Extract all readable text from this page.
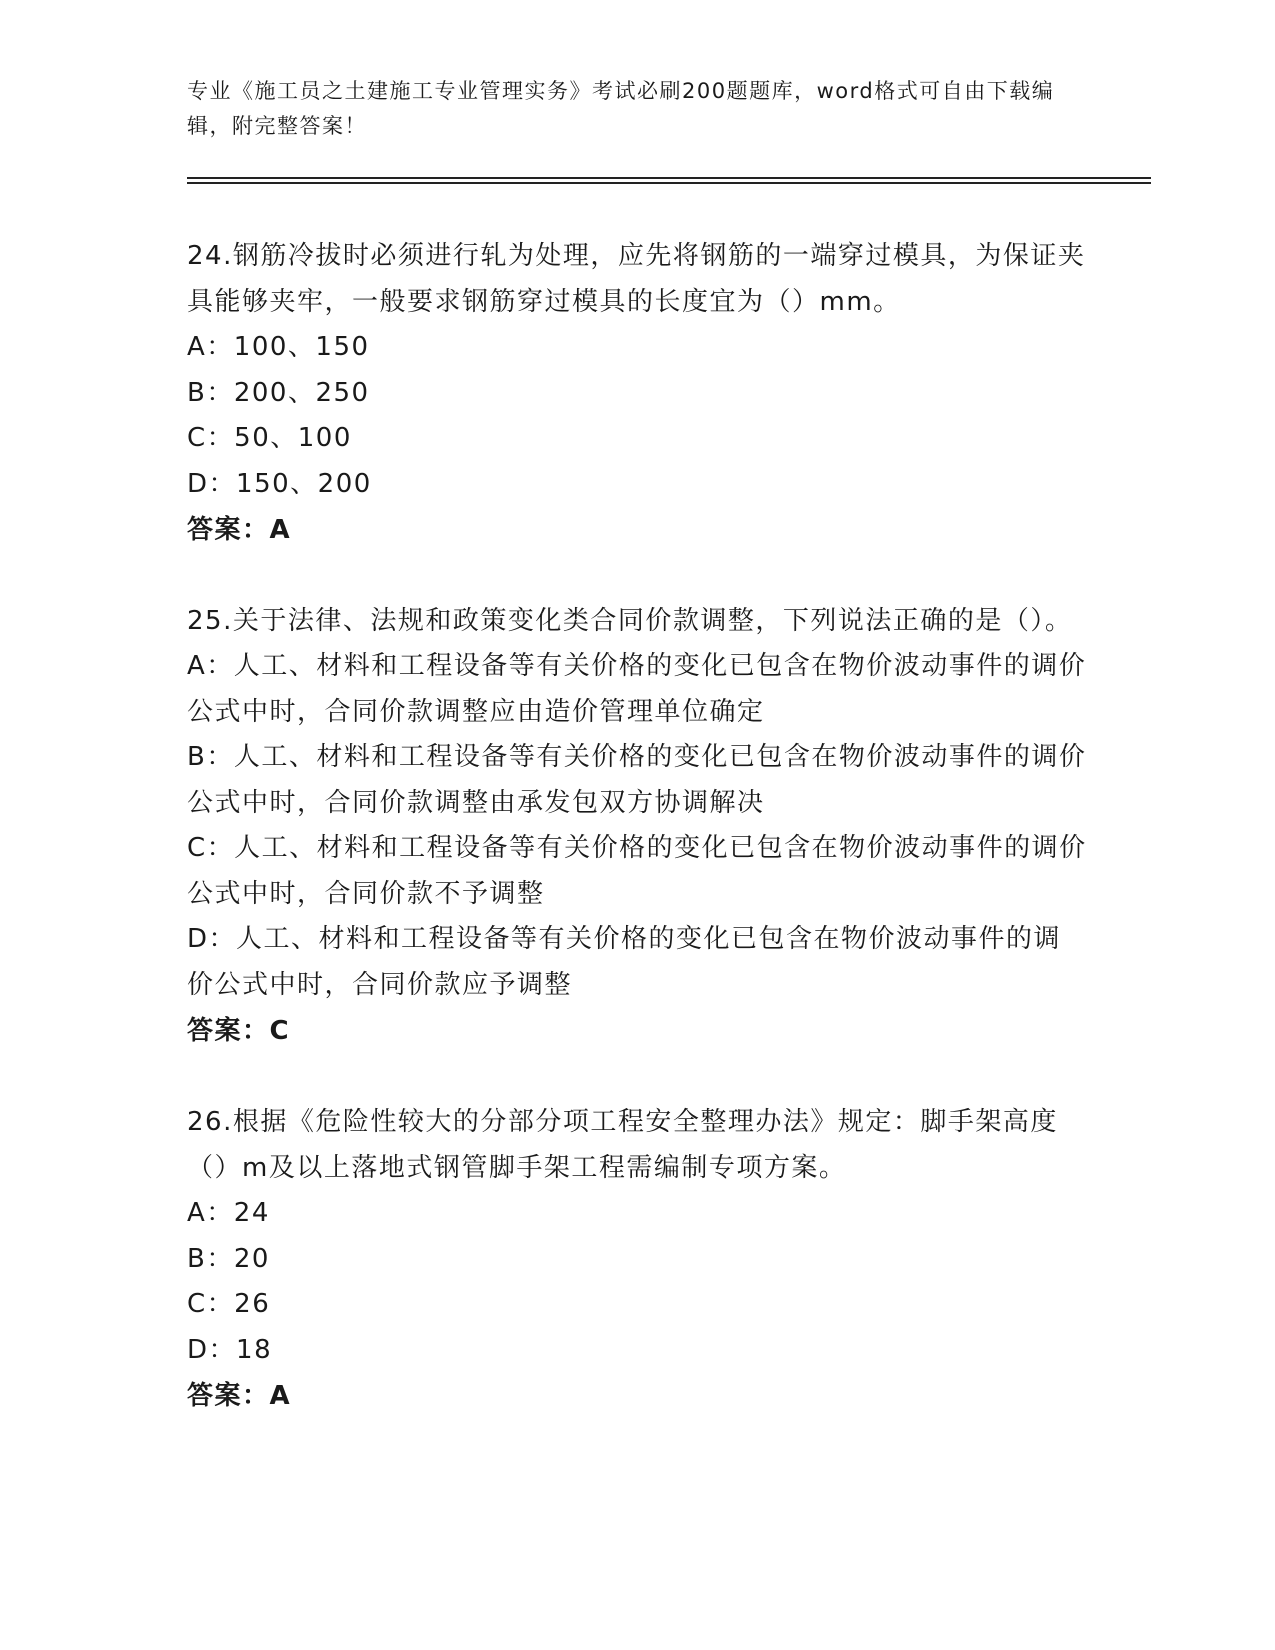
专业《施工员之土建施工专业管理实务》考试必刷200题题库，word格式可自由下载编辑，附完整答案！
24.钢筋冷拔时必须进行轧为处理，应先将钢筋的一端穿过模具，为保证夹具能够夹牢，一般要求钢筋穿过模具的长度宜为（）mm。
A：100、150
B：200、250
C：50、100
D：150、200
答案：A
25.关于法律、法规和政策变化类合同价款调整，下列说法正确的是（）。
A：人工、材料和工程设备等有关价格的变化已包含在物价波动事件的调价公式中时，合同价款调整应由造价管理单位确定
B：人工、材料和工程设备等有关价格的变化已包含在物价波动事件的调价公式中时，合同价款调整由承发包双方协调解决
C：人工、材料和工程设备等有关价格的变化已包含在物价波动事件的调价公式中时，合同价款不予调整
D：人工、材料和工程设备等有关价格的变化已包含在物价波动事件的调价公式中时，合同价款应予调整
答案：C
26.根据《危险性较大的分部分项工程安全整理办法》规定：脚手架高度（）m及以上落地式钢管脚手架工程需编制专项方案。
A：24
B：20
C：26
D：18
答案：A
